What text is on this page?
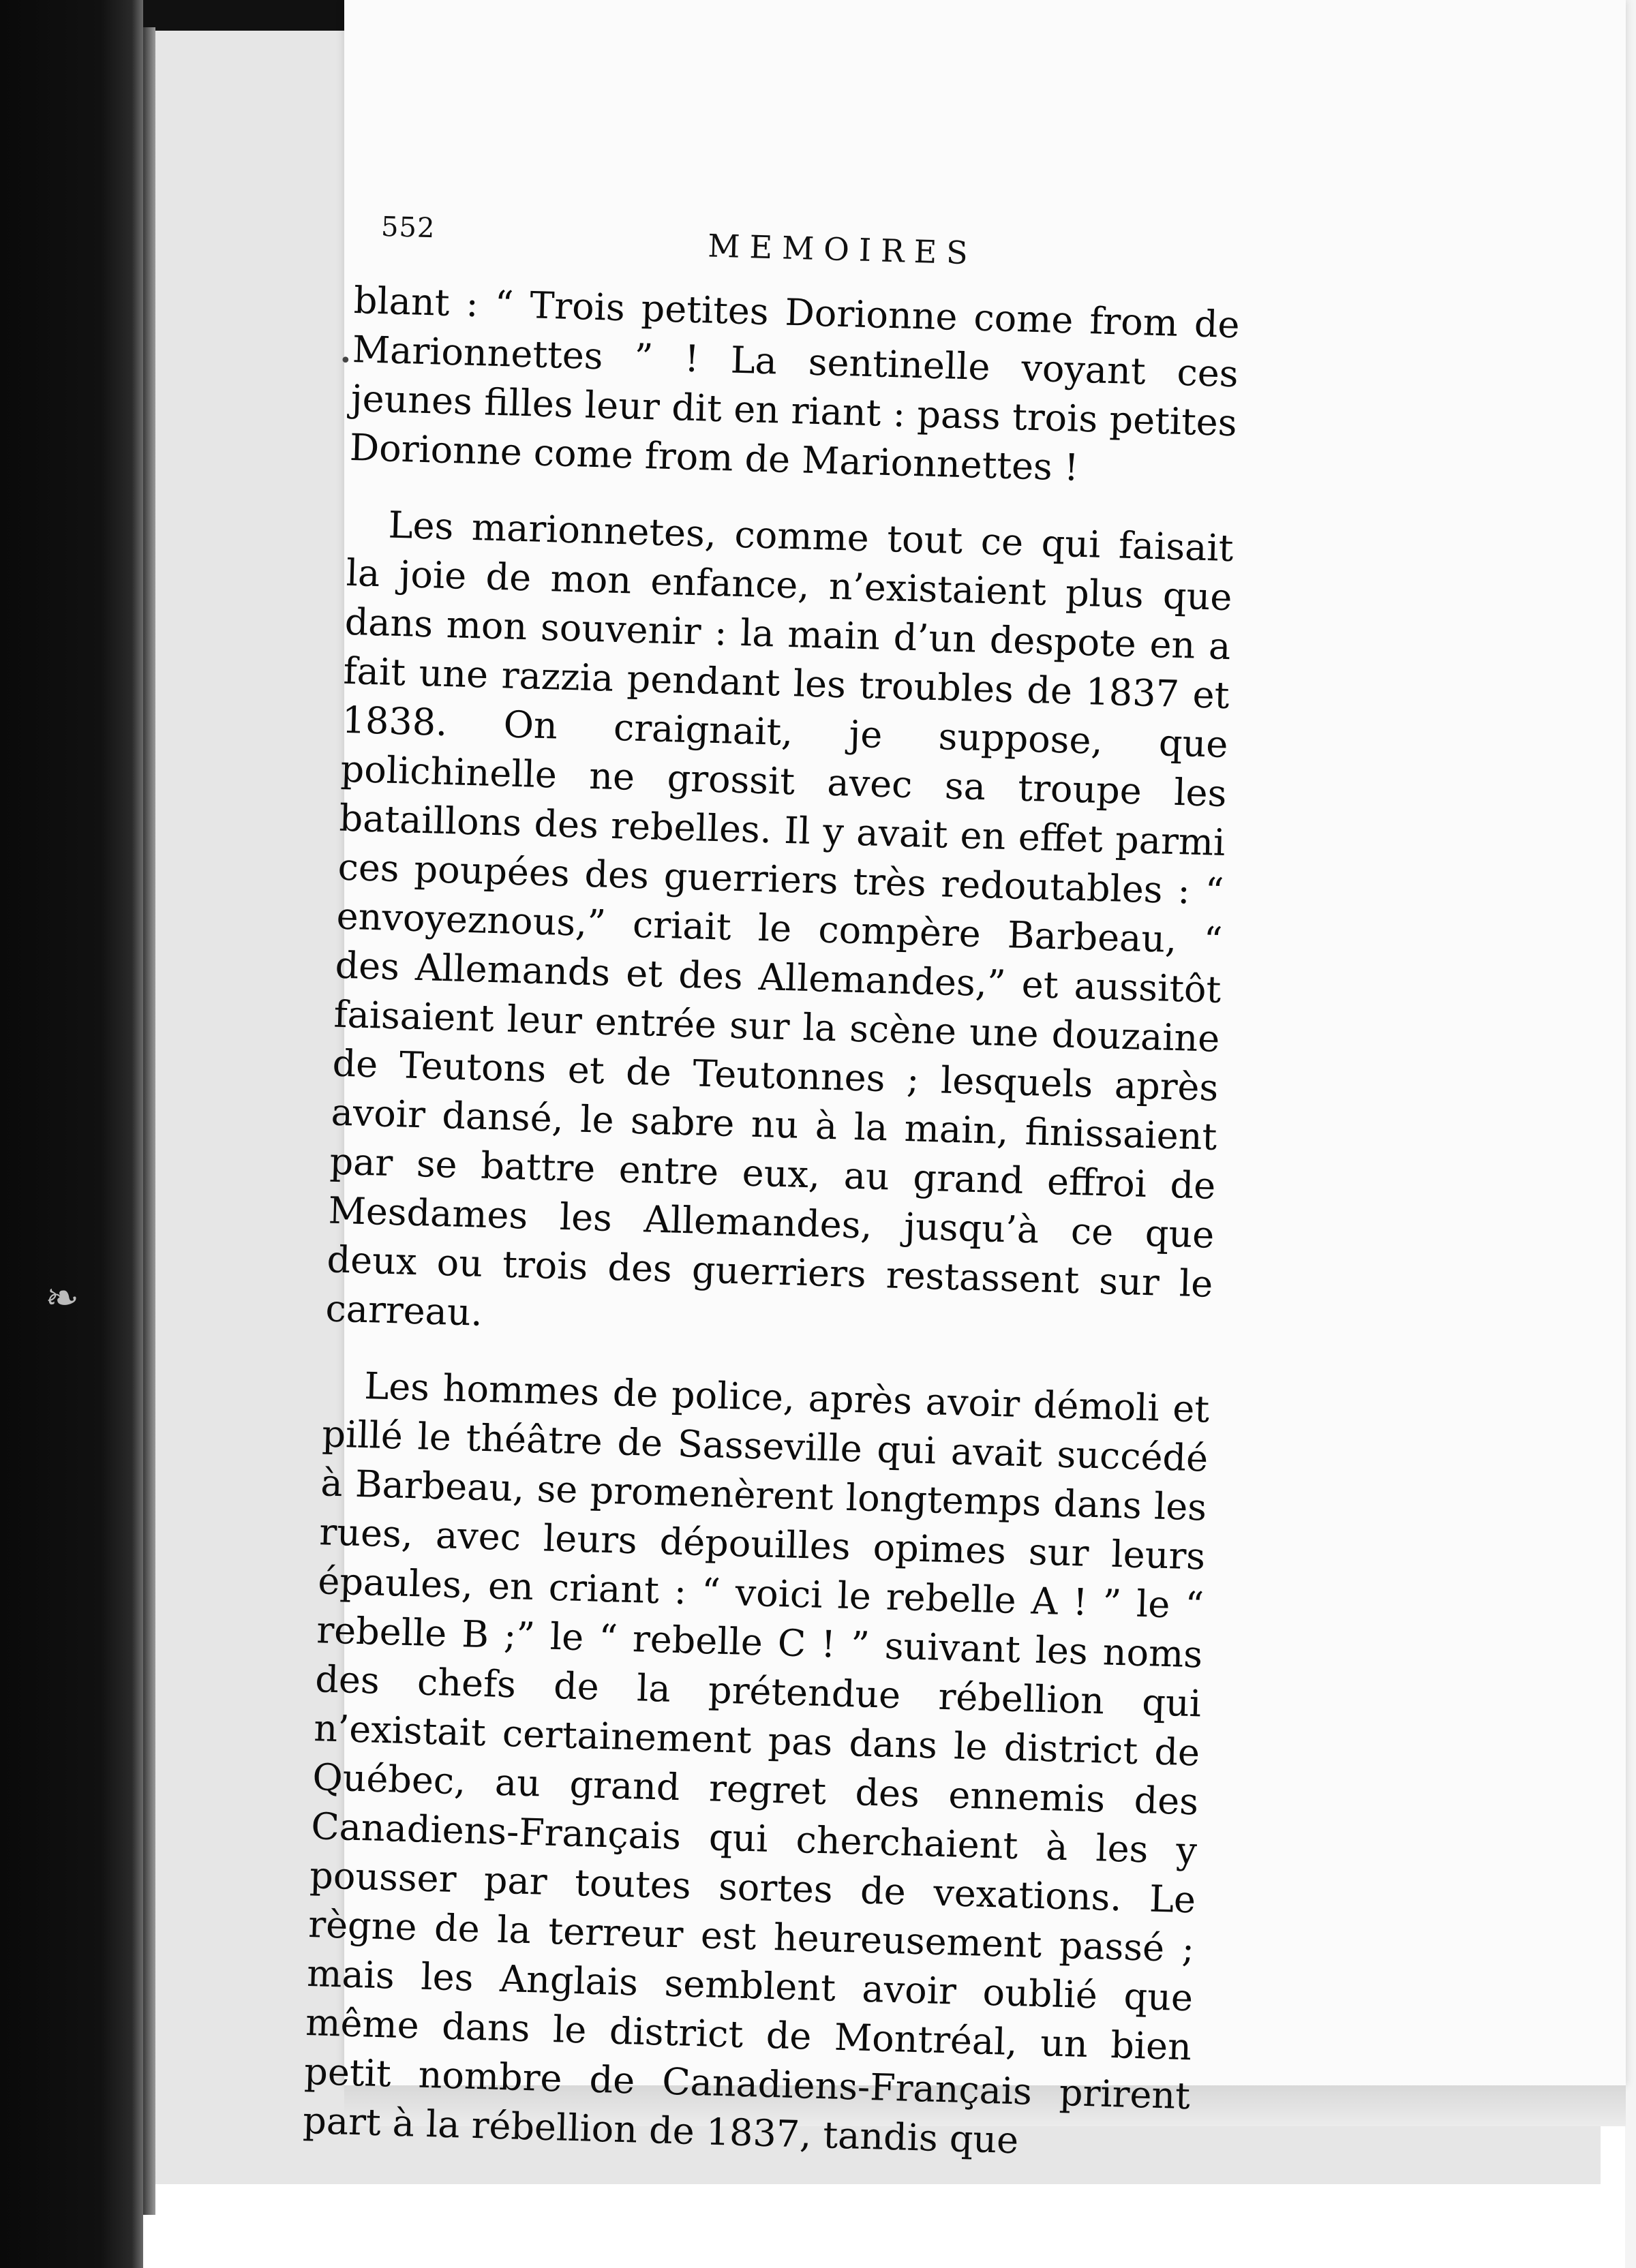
•
❧
552	MEMOIRES

blant : “ Trois petites Dorionne come from de Marionnettes ” ! La sentinelle voyant ces jeunes filles leur dit en riant : pass trois petites Dorionne come from de Marionnettes !

Les marionnetes, comme tout ce qui faisait la joie de mon enfance, n’existaient plus que dans mon souvenir : la main d’un despote en a fait une razzia pendant les troubles de 1837 et 1838. On craignait, je suppose, que polichinelle ne grossit avec sa troupe les bataillons des rebelles. Il y avait en effet parmi ces poupées des guerriers très redoutables : “ envoyeznous,” criait le compère Barbeau, “ des Allemands et des Allemandes,” et aussitôt faisaient leur entrée sur la scène une douzaine de Teutons et de Teutonnes ; lesquels après avoir dansé, le sabre nu à la main, finissaient par se battre entre eux, au grand effroi de Mesdames les Allemandes, jusqu’à ce que deux ou trois des guerriers restassent sur le carreau.

Les hommes de police, après avoir démoli et pillé le théâtre de Sasseville qui avait succédé à Barbeau, se promenèrent longtemps dans les rues, avec leurs dépouilles opimes sur leurs épaules, en criant : “ voici le rebelle A ! ” le “ rebelle B ;” le “ rebelle C ! ” suivant les noms des chefs de la prétendue rébellion qui n’existait certainement pas dans le district de Québec, au grand regret des ennemis des Canadiens-Français qui cherchaient à les y pousser par toutes sortes de vexations. Le règne de la terreur est heureusement passé ; mais les Anglais semblent avoir oublié que même dans le district de Montréal, un bien petit nombre de Canadiens-Français prirent part à la rébellion de 1837, tandis que
